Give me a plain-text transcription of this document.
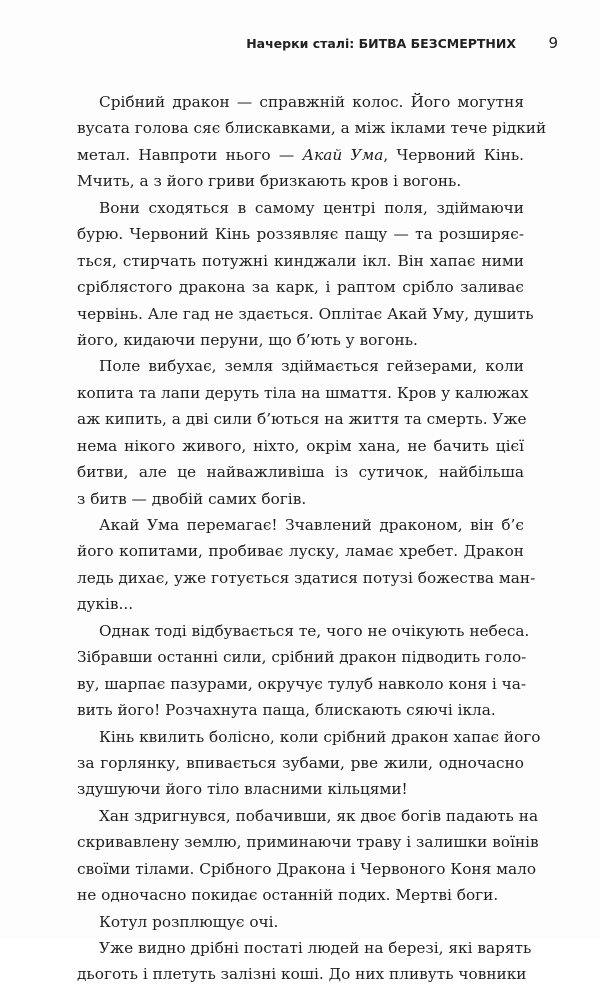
Начерки сталі: БИТВА БЕЗСМЕРТНИХ 9
Срібний дракон — справжній колос. Його могутня
вусата голова сяє блискавками, а між іклами тече рідкий
метал. Навпроти нього — Акай Ума, Червоний Кінь.
Мчить, а з його гриви бризкають кров і вогонь.
Вони сходяться в самому центрі поля, здіймаючи
бурю. Червоний Кінь роззявляє пащу — та розширяє-
ться, стирчать потужні кинджали ікл. Він хапає ними
сріблястого дракона за карк, і раптом срібло заливає
червінь. Але гад не здається. Оплітає Акай Уму, душить
його, кидаючи перуни, що б’ють у вогонь.
Поле вибухає, земля здіймається гейзерами, коли
копита та лапи деруть тіла на шмаття. Кров у калюжах
аж кипить, а дві сили б’ються на життя та смерть. Уже
нема нікого живого, ніхто, окрім хана, не бачить цієї
битви, але це найважливіша із сутичок, найбільша
з битв — двобій самих богів.
Акай Ума перемагає! Зчавлений драконом, він б’є
його копитами, пробиває луску, ламає хребет. Дракон
ледь дихає, уже готується здатися потузі божества ман-
дуків...
Однак тоді відбувається те, чого не очікують небеса.
Зібравши останні сили, срібний дракон підводить голо-
ву, шарпає пазурами, окручує тулуб навколо коня і ча-
вить його! Розчахнута паща, блискають сяючі ікла.
Кінь квилить болісно, коли срібний дракон хапає його
за горлянку, впивається зубами, рве жили, одночасно
здушуючи його тіло власними кільцями!
Хан здригнувся, побачивши, як двоє богів падають на
скривавлену землю, приминаючи траву і залишки воїнів
своїми тілами. Срібного Дракона і Червоного Коня мало
не одночасно покидає останній подих. Мертві боги.
Котул розплющує очі.
Уже видно дрібні постаті людей на березі, які варять
дьоготь і плетуть залізні коші. До них пливуть човники
